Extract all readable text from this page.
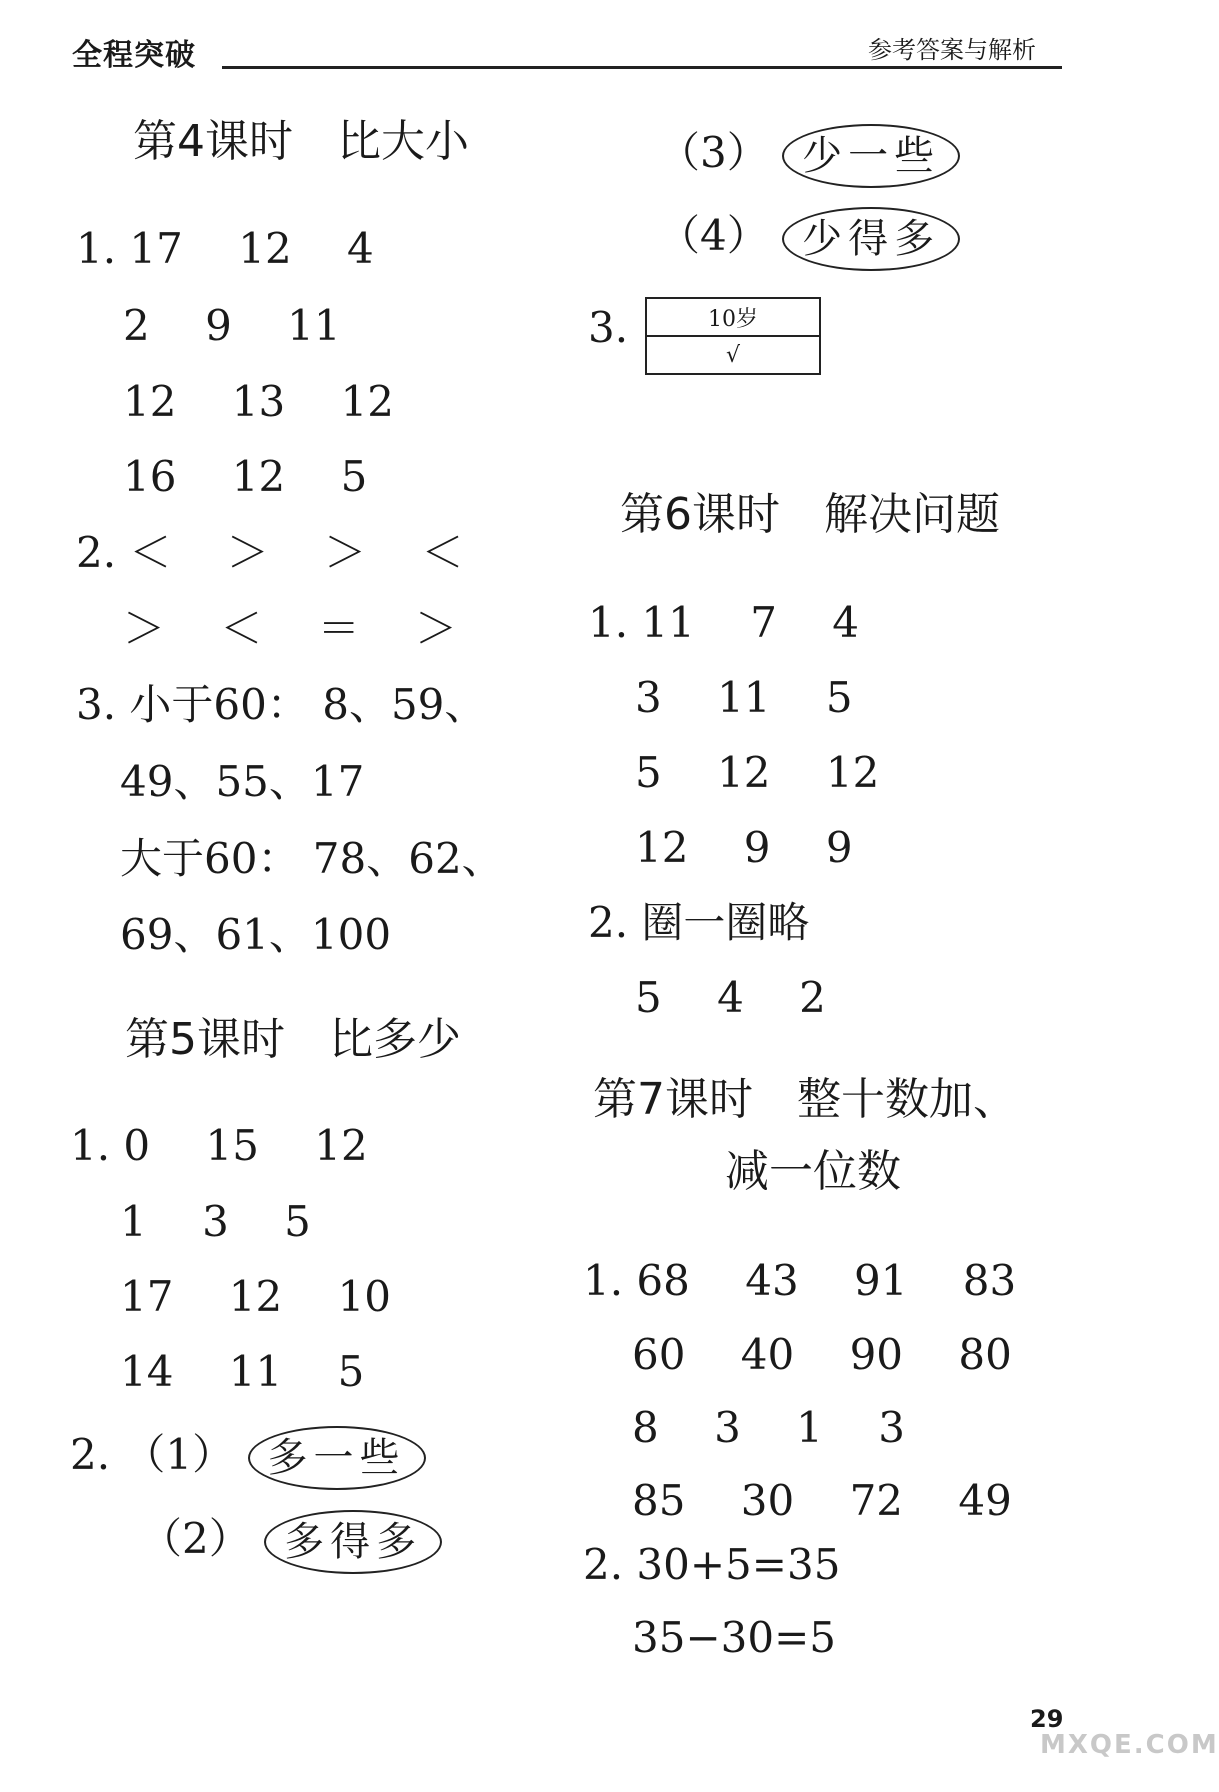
全程突破	参考答案与解析
第4课时　比大小
1. 17　 12　 4
2　 9　 11
12　 13　 12
16　 12　 5
2. ＜　 ＞　 ＞　 ＜
＞　 ＜　 ＝　 ＞
3. 小于60： 8、59、
49、55、17
大于60： 78、62、
69、61、100
第5课时　比多少
1. 0　 15　 12
1　 3　 5
17　 12　 10
14　 11　 5
2. （1） 多一些
（2） 多得多
（3） 少一些
（4） 少得多
3.	10岁
√
第6课时　解决问题
1. 11　 7　 4
3　 11　 5
5　 12　 12
12　 9　 9
2. 圈一圈略
5　 4　 2
第7课时　整十数加、
减一位数
1. 68　 43　 91　 83
60　 40　 90　 80
8　 3　 1　 3
85　 30　 72　 49
2. 30+5=35
35−30=5
29
MXQE.COM
